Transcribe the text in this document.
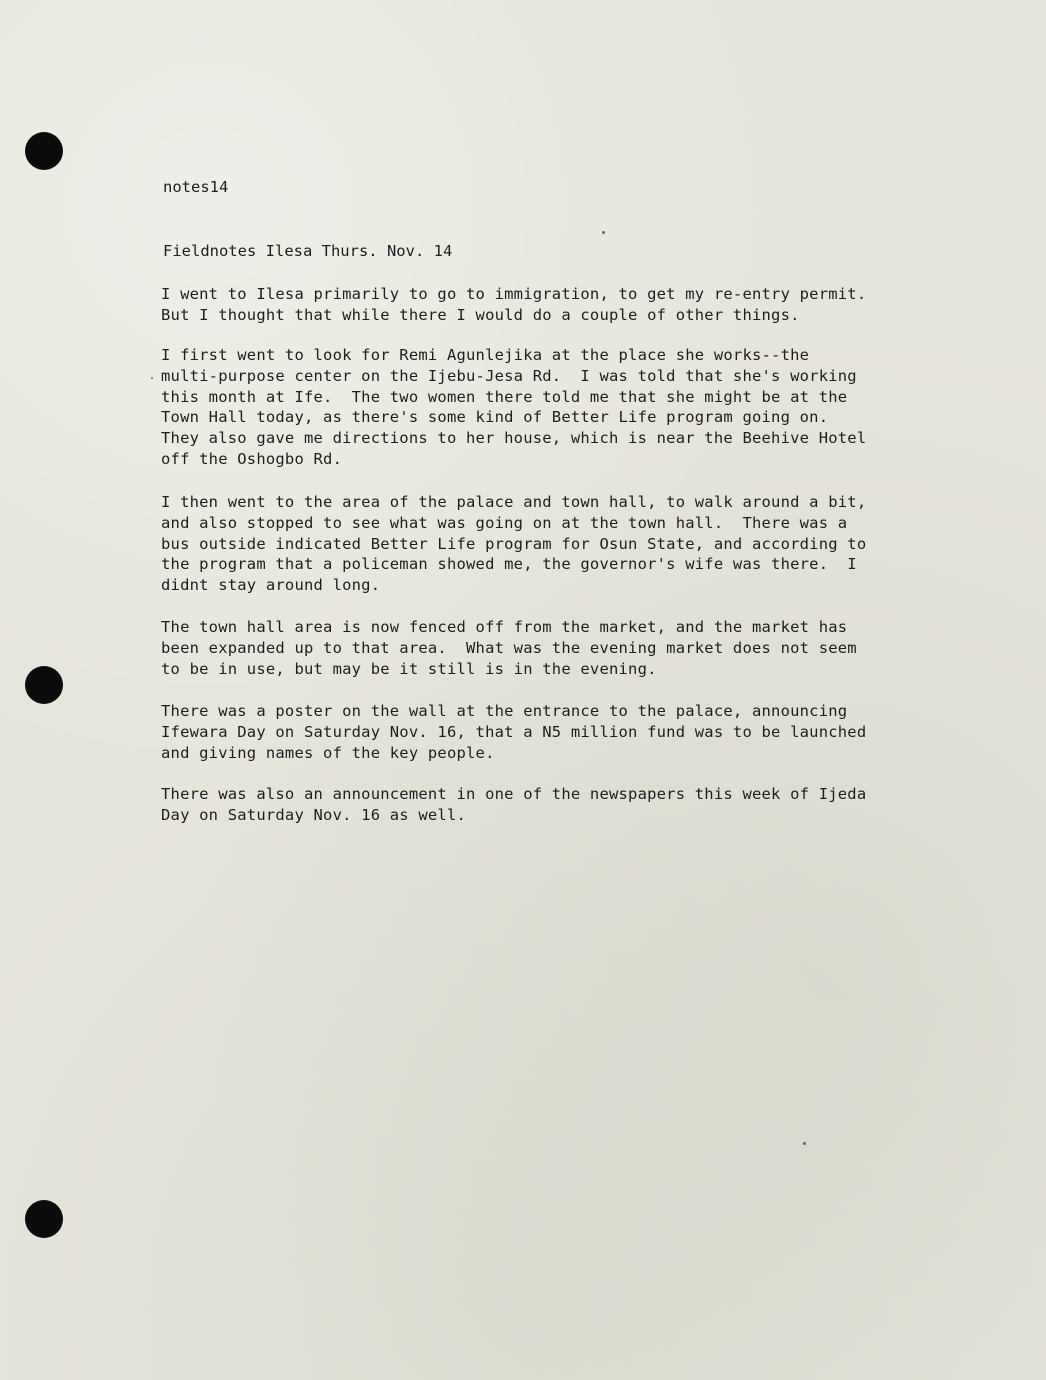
notes14

Fieldnotes Ilesa Thurs. Nov. 14

I went to Ilesa primarily to go to immigration, to get my re-entry permit.
But I thought that while there I would do a couple of other things.

I first went to look for Remi Agunlejika at the place she works--the
multi-purpose center on the Ijebu-Jesa Rd.  I was told that she's working
this month at Ife.  The two women there told me that she might be at the
Town Hall today, as there's some kind of Better Life program going on.
They also gave me directions to her house, which is near the Beehive Hotel
off the Oshogbo Rd.

I then went to the area of the palace and town hall, to walk around a bit,
and also stopped to see what was going on at the town hall.  There was a
bus outside indicated Better Life program for Osun State, and according to
the program that a policeman showed me, the governor's wife was there.  I
didnt stay around long.

The town hall area is now fenced off from the market, and the market has
been expanded up to that area.  What was the evening market does not seem
to be in use, but may be it still is in the evening.

There was a poster on the wall at the entrance to the palace, announcing
Ifewara Day on Saturday Nov. 16, that a N5 million fund was to be launched
and giving names of the key people.

There was also an announcement in one of the newspapers this week of Ijeda
Day on Saturday Nov. 16 as well.
